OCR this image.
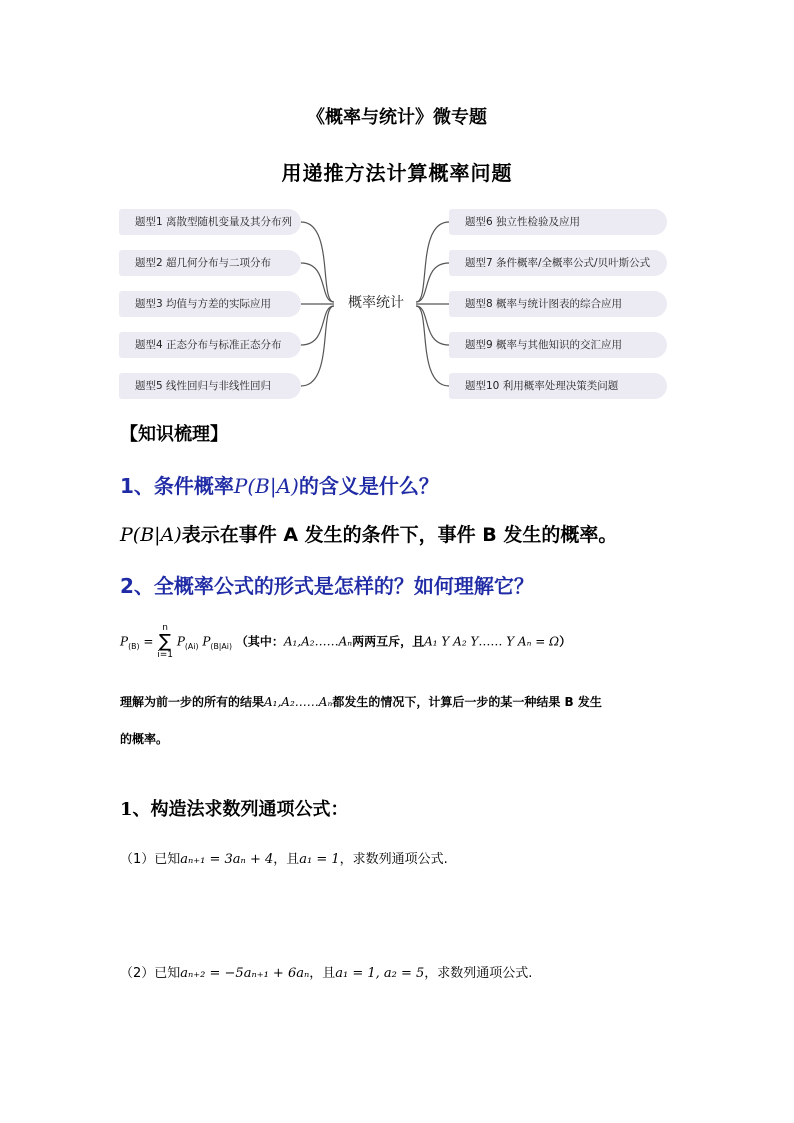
《概率与统计》微专题
用递推方法计算概率问题
题型1 离散型随机变量及其分布列
题型2 超几何分布与二项分布
题型3 均值与方差的实际应用
题型4 正态分布与标准正态分布
题型5 线性回归与非线性回归
概率统计
题型6 独立性检验及应用
题型7 条件概率/全概率公式/贝叶斯公式
题型8 概率与统计图表的综合应用
题型9 概率与其他知识的交汇应用
题型10 利用概率处理决策类问题
【知识梳理】
1、条件概率P(B|A)的含义是什么？
P(B|A)表示在事件 A 发生的条件下，事件 B 发生的概率。
2、全概率公式的形式是怎样的？如何理解它？
$P_{(B)}$ =
n
∑
i=1
$P_{(Ai)}$ $P_{(B|Ai)}$ （其中：A₁,A₂……Aₙ两两互斥，且A₁ Y A₂ Y…… Y Aₙ = Ω）
理解为前一步的所有的结果A₁,A₂……Aₙ都发生的情况下，计算后一步的某一种结果 B 发生
的概率。
1、构造法求数列通项公式：
（1）已知aₙ₊₁ = 3aₙ + 4，且a₁ = 1，求数列通项公式.
（2）已知aₙ₊₂ = −5aₙ₊₁ + 6aₙ，且a₁ = 1, a₂ = 5，求数列通项公式.
